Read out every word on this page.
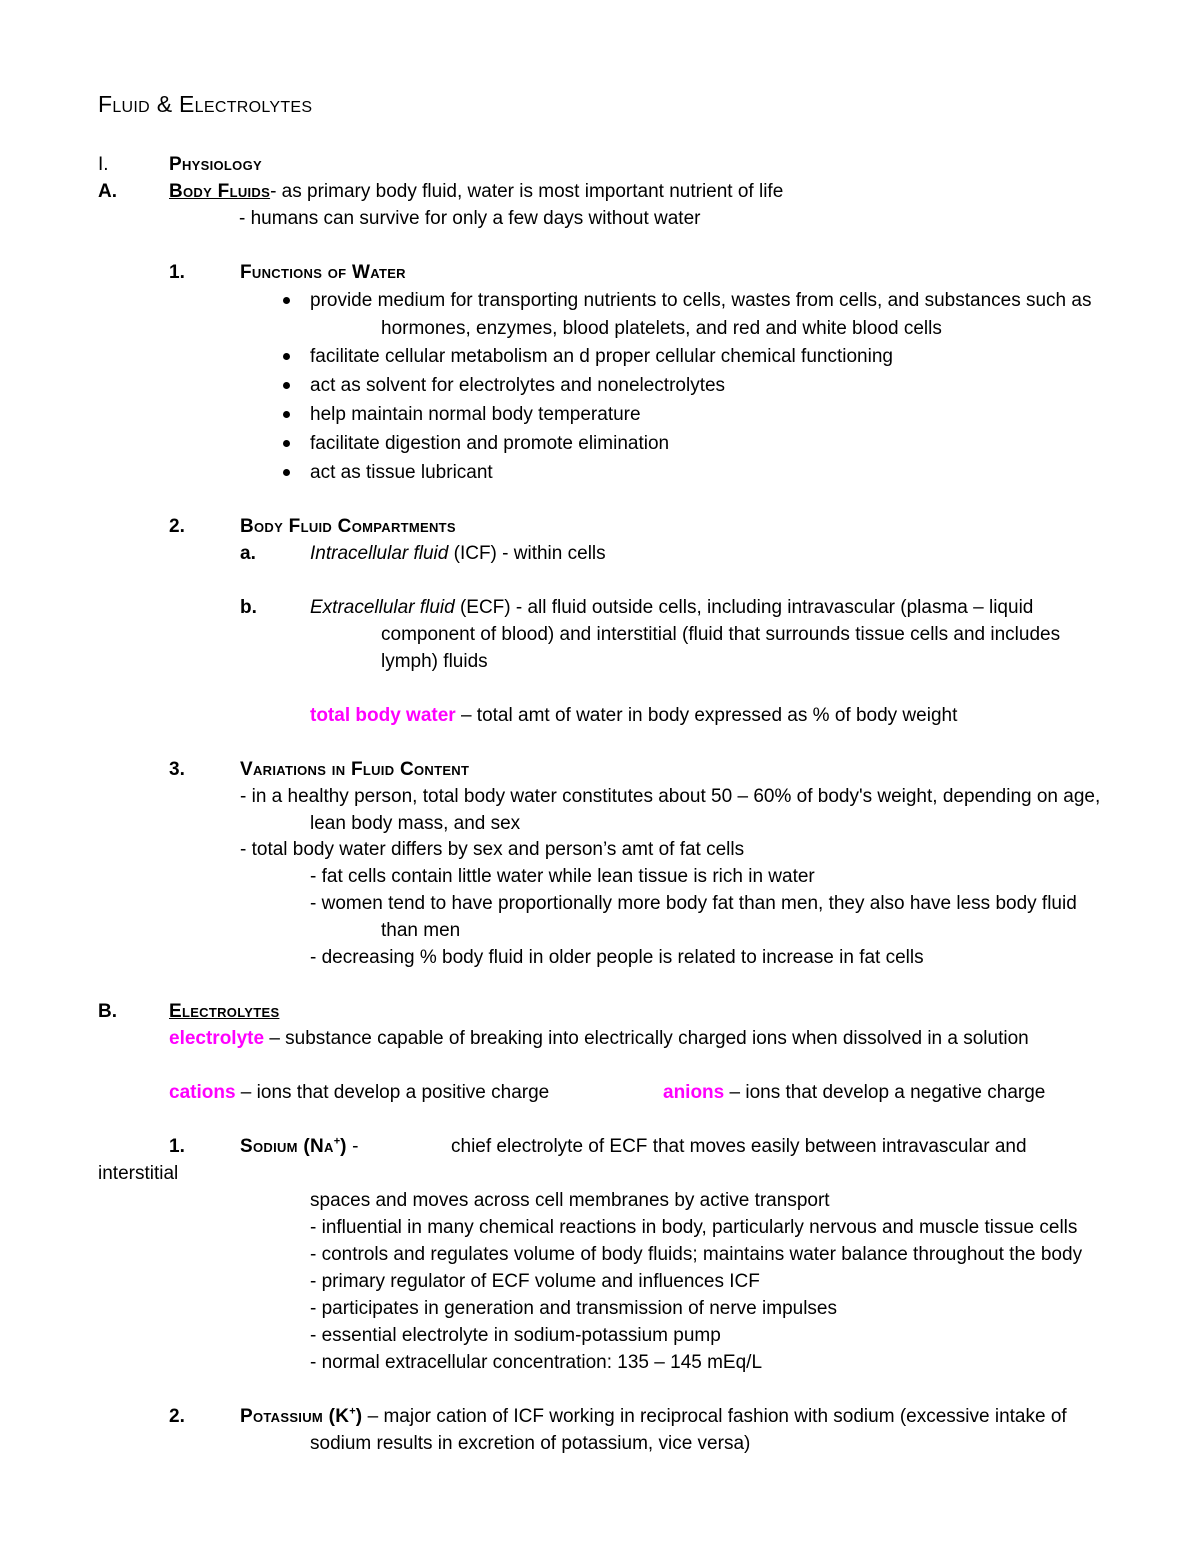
Fluid & Electrolytes
I.	Physiology
A.	Body Fluids- as primary body fluid, water is most important nutrient of life
- humans can survive for only a few days without water
1.	Functions of Water
provide medium for transporting nutrients to cells, wastes from cells, and substances such as
hormones, enzymes, blood platelets, and red and white blood cells
facilitate cellular metabolism an d proper cellular chemical functioning
act as solvent for electrolytes and nonelectrolytes
help maintain normal body temperature
facilitate digestion and promote elimination
act as tissue lubricant
2.	Body Fluid Compartments
a.	Intracellular fluid (ICF) - within cells
b.	Extracellular fluid (ECF) - all fluid outside cells, including intravascular (plasma – liquid
component of blood) and interstitial (fluid that surrounds tissue cells and includes
lymph) fluids
total body water – total amt of water in body expressed as % of body weight
3.	Variations in Fluid Content
- in a healthy person, total body water constitutes about 50 – 60% of body's weight, depending on age,
lean body mass, and sex
- total body water differs by sex and person’s amt of fat cells
- fat cells contain little water while lean tissue is rich in water
- women tend to have proportionally more body fat than men, they also have less body fluid
than men
- decreasing % body fluid in older people is related to increase in fat cells
B.	Electrolytes
electrolyte – substance capable of breaking into electrically charged ions when dissolved in a solution
cations – ions that develop a positive charge	anions – ions that develop a negative charge
1.	Sodium (Na+) -	chief electrolyte of ECF that moves easily between intravascular and
interstitial
spaces and moves across cell membranes by active transport
- influential in many chemical reactions in body, particularly nervous and muscle tissue cells
- controls and regulates volume of body fluids; maintains water balance throughout the body
- primary regulator of ECF volume and influences ICF
- participates in generation and transmission of nerve impulses
- essential electrolyte in sodium-potassium pump
- normal extracellular concentration: 135 – 145 mEq/L
2.	Potassium (K+) – major cation of ICF working in reciprocal fashion with sodium (excessive intake of
sodium results in excretion of potassium, vice versa)
